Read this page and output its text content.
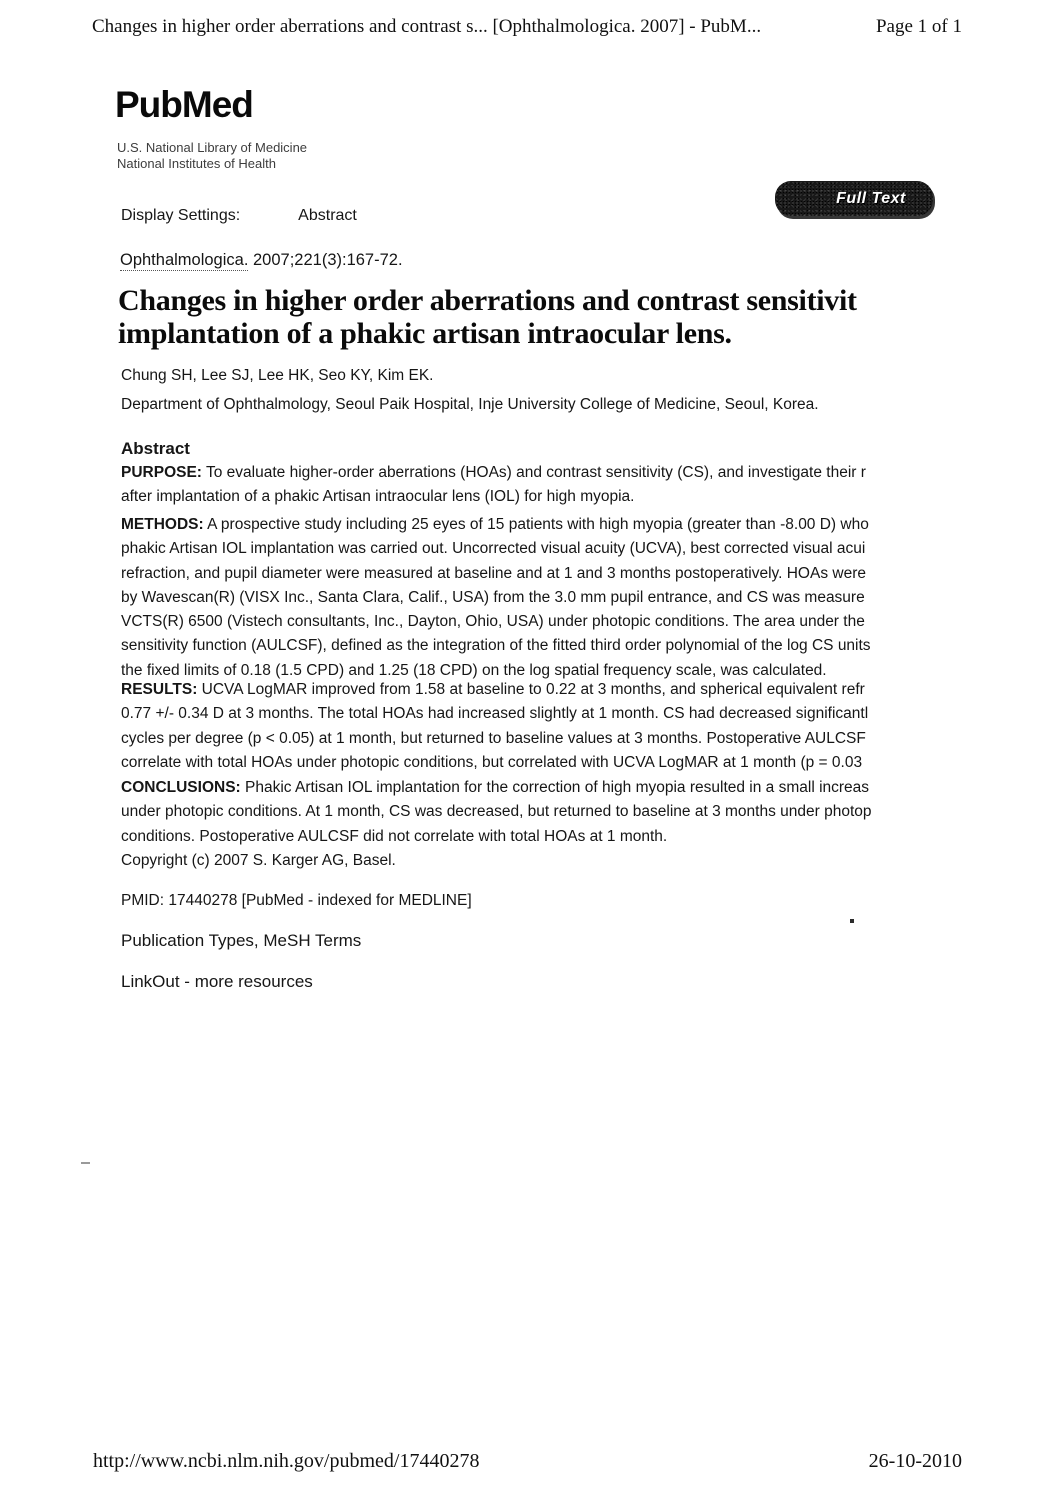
Changes in higher order aberrations and contrast s... [Ophthalmologica. 2007] - PubM...	Page 1 of 1
PubMed
U.S. National Library of Medicine
National Institutes of Health
Full Text
Display Settings:	Abstract
Ophthalmologica. 2007;221(3):167-72.
Changes in higher order aberrations and contrast sensitivit
implantation of a phakic artisan intraocular lens.
Chung SH, Lee SJ, Lee HK, Seo KY, Kim EK.
Department of Ophthalmology, Seoul Paik Hospital, Inje University College of Medicine, Seoul, Korea.
Abstract
PURPOSE: To evaluate higher-order aberrations (HOAs) and contrast sensitivity (CS), and investigate their r
after implantation of a phakic Artisan intraocular lens (IOL) for high myopia.
METHODS: A prospective study including 25 eyes of 15 patients with high myopia (greater than -8.00 D) who
phakic Artisan IOL implantation was carried out. Uncorrected visual acuity (UCVA), best corrected visual acui
refraction, and pupil diameter were measured at baseline and at 1 and 3 months postoperatively. HOAs were
by Wavescan(R) (VISX Inc., Santa Clara, Calif., USA) from the 3.0 mm pupil entrance, and CS was measure
VCTS(R) 6500 (Vistech consultants, Inc., Dayton, Ohio, USA) under photopic conditions. The area under the
sensitivity function (AULCSF), defined as the integration of the fitted third order polynomial of the log CS units
the fixed limits of 0.18 (1.5 CPD) and 1.25 (18 CPD) on the log spatial frequency scale, was calculated.
RESULTS: UCVA LogMAR improved from 1.58 at baseline to 0.22 at 3 months, and spherical equivalent refr
0.77 +/- 0.34 D at 3 months. The total HOAs had increased slightly at 1 month. CS had decreased significantl
cycles per degree (p < 0.05) at 1 month, but returned to baseline values at 3 months. Postoperative AULCSF
correlate with total HOAs under photopic conditions, but correlated with UCVA LogMAR at 1 month (p = 0.03
CONCLUSIONS: Phakic Artisan IOL implantation for the correction of high myopia resulted in a small increas
under photopic conditions. At 1 month, CS was decreased, but returned to baseline at 3 months under photop
conditions. Postoperative AULCSF did not correlate with total HOAs at 1 month.
Copyright (c) 2007 S. Karger AG, Basel.
PMID: 17440278 [PubMed - indexed for MEDLINE]
Publication Types, MeSH Terms
LinkOut - more resources
http://www.ncbi.nlm.nih.gov/pubmed/17440278	26-10-2010
